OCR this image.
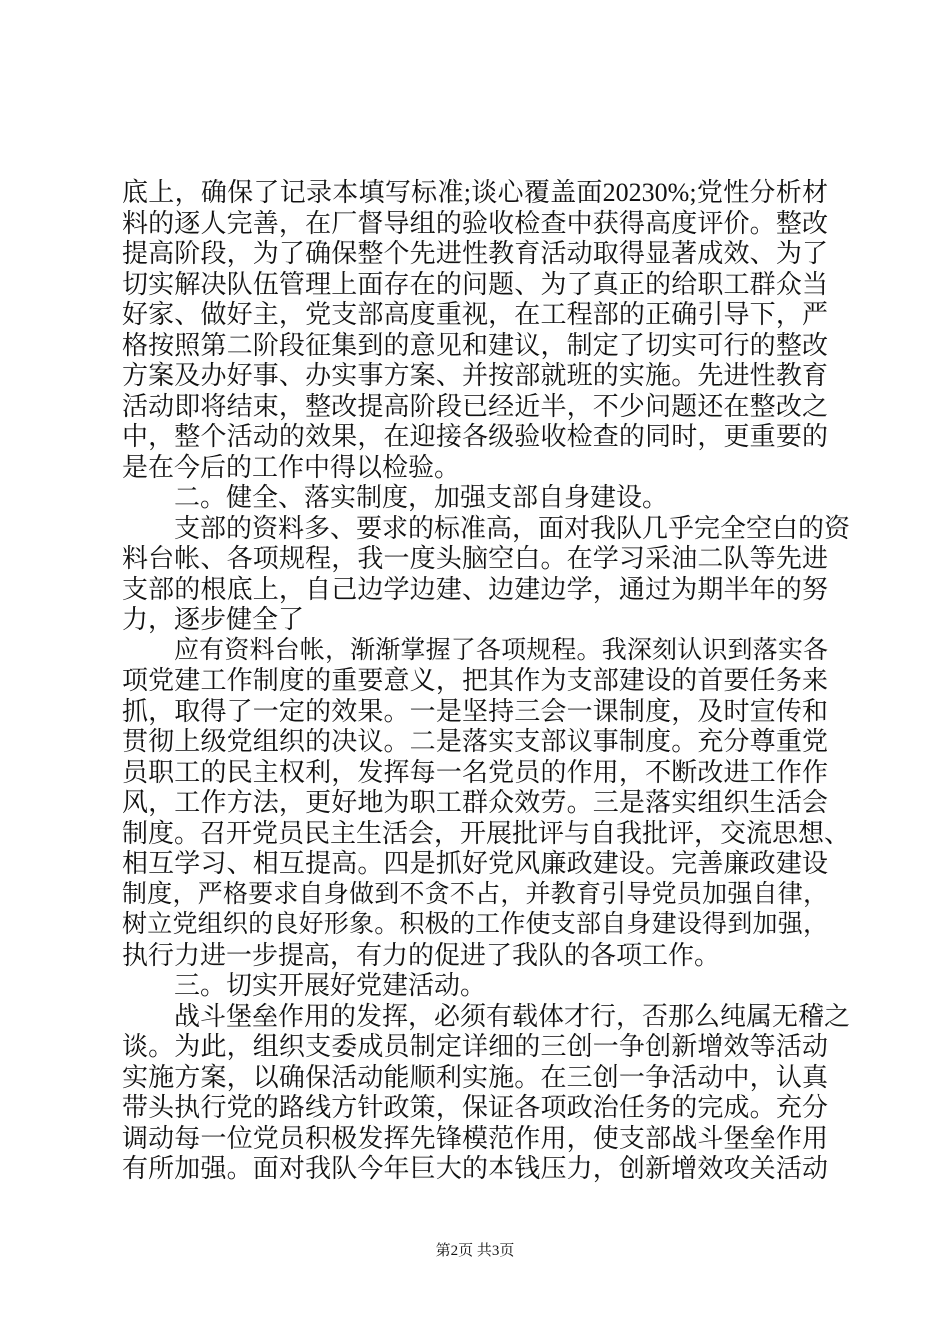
底上，确保了记录本填写标准;谈心覆盖面20230%;党性分析材
料的逐人完善，在厂督导组的验收检查中获得高度评价。整改
提高阶段，为了确保整个先进性教育活动取得显著成效、为了
切实解决队伍管理上面存在的问题、为了真正的给职工群众当
好家、做好主，党支部高度重视，在工程部的正确引导下，严
格按照第二阶段征集到的意见和建议，制定了切实可行的整改
方案及办好事、办实事方案、并按部就班的实施。先进性教育
活动即将结束，整改提高阶段已经近半，不少问题还在整改之
中，整个活动的效果，在迎接各级验收检查的同时，更重要的
是在今后的工作中得以检验。
二。健全、落实制度，加强支部自身建设。
支部的资料多、要求的标准高，面对我队几乎完全空白的资
料台帐、各项规程，我一度头脑空白。在学习采油二队等先进
支部的根底上，自己边学边建、边建边学，通过为期半年的努
力，逐步健全了
应有资料台帐，渐渐掌握了各项规程。我深刻认识到落实各
项党建工作制度的重要意义，把其作为支部建设的首要任务来
抓，取得了一定的效果。一是坚持三会一课制度，及时宣传和
贯彻上级党组织的决议。二是落实支部议事制度。充分尊重党
员职工的民主权利，发挥每一名党员的作用，不断改进工作作
风，工作方法，更好地为职工群众效劳。三是落实组织生活会
制度。召开党员民主生活会，开展批评与自我批评，交流思想、
相互学习、相互提高。四是抓好党风廉政建设。完善廉政建设
制度，严格要求自身做到不贪不占，并教育引导党员加强自律，
树立党组织的良好形象。积极的工作使支部自身建设得到加强，
执行力进一步提高，有力的促进了我队的各项工作。
三。切实开展好党建活动。
战斗堡垒作用的发挥，必须有载体才行，否那么纯属无稽之
谈。为此，组织支委成员制定详细的三创一争创新增效等活动
实施方案，以确保活动能顺利实施。在三创一争活动中，认真
带头执行党的路线方针政策，保证各项政治任务的完成。充分
调动每一位党员积极发挥先锋模范作用，使支部战斗堡垒作用
有所加强。面对我队今年巨大的本钱压力，创新增效攻关活动
第2页 共3页
